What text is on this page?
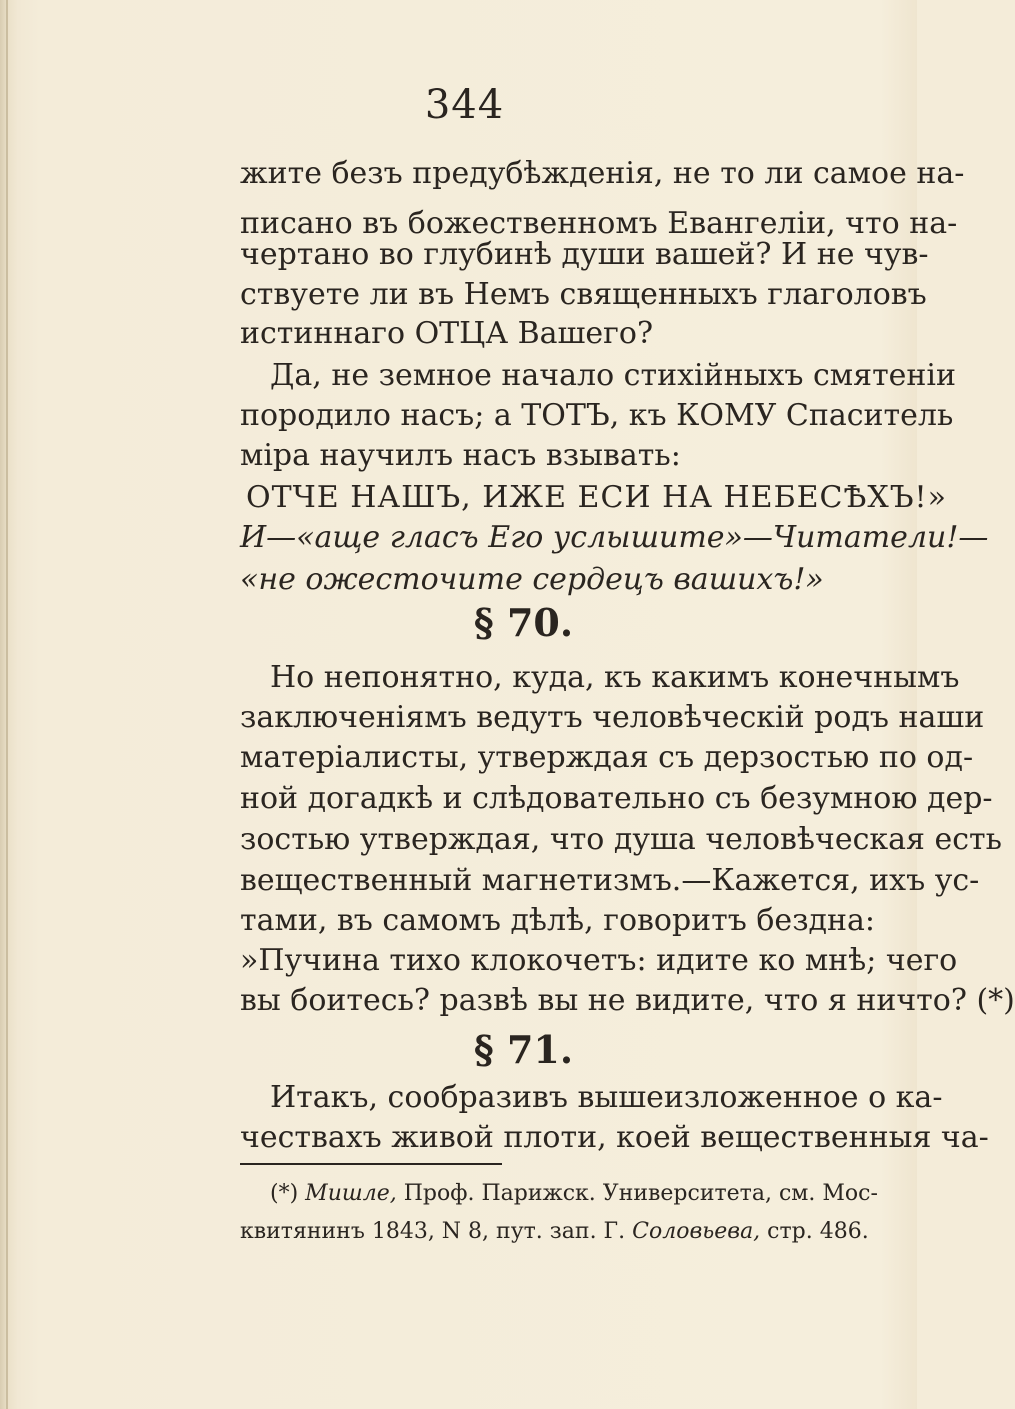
344
жите безъ предубѣжденія, не то ли самое на-
писано въ божественномъ Евангеліи, что на-
чертано во глубинѣ души вашей? И не чув-
ствуете ли въ Немъ священныхъ глаголовъ
истиннаго ОТЦА Вашего?
Да, не земное начало стихійныхъ смятеніи
породило насъ; а ТОТЪ, къ КОМУ Спаситель
міра научилъ насъ взывать:
ОТЧЕ НАШЪ, ИЖЕ ЕСИ НА НЕБЕСѢХЪ!»
И—«аще гласъ Его услышите»—Читатели!—
«не ожесточите сердецъ вашихъ!»
§ 70.
Но непонятно, куда, къ какимъ конечнымъ
заключеніямъ ведутъ человѣческій родъ наши
матеріалисты, утверждая съ дерзостью по од-
ной догадкѣ и слѣдовательно съ безумною дер-
зостью утверждая, что душа человѣческая есть
вещественный магнетизмъ.—Кажется, ихъ ус-
тами, въ самомъ дѣлѣ, говоритъ бездна:
»Пучина тихо клокочетъ: идите ко мнѣ; чего
вы боитесь? развѣ вы не видите, что я ничто? (*)
§ 71.
Итакъ, сообразивъ вышеизложенное о ка-
чествахъ живой плоти, коей вещественныя ча-
(*) Мишле, Проф. Парижск. Университета, см. Мос-
квитянинъ 1843, N 8, пут. зап. Г. Соловьева, стр. 486.
